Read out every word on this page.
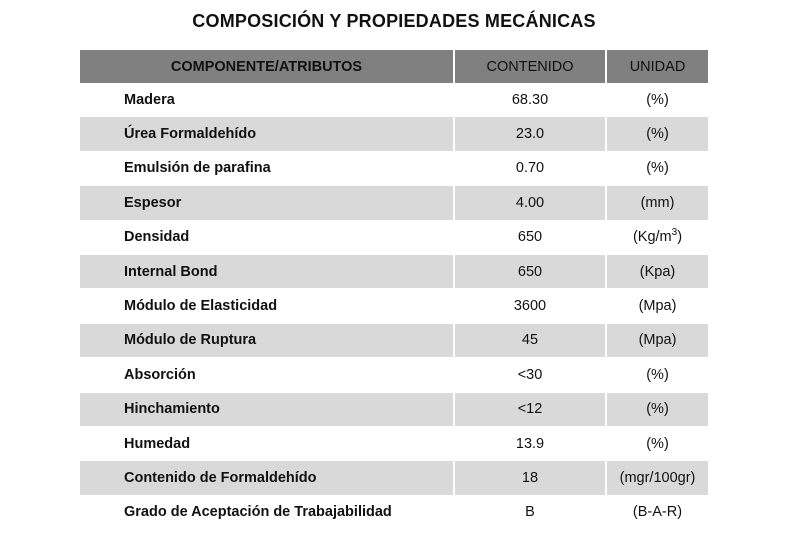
COMPOSICIÓN Y PROPIEDADES MECÁNICAS
COMPONENTE/ATRIBUTOS	CONTENIDO	UNIDAD
Madera	68.30	(%)
Úrea Formaldehído	23.0	(%)
Emulsión de parafina	0.70	(%)
Espesor	4.00	(mm)
Densidad	650	$(Kg/m^3)$
Internal Bond	650	(Kpa)
Módulo de Elasticidad	3600	(Mpa)
Módulo de Ruptura	45	(Mpa)
Absorción	<30	(%)
Hinchamiento	<12	(%)
Humedad	13.9	(%)
Contenido de Formaldehído	18	(mgr/100gr)
Grado de Aceptación de Trabajabilidad	B	(B-A-R)
